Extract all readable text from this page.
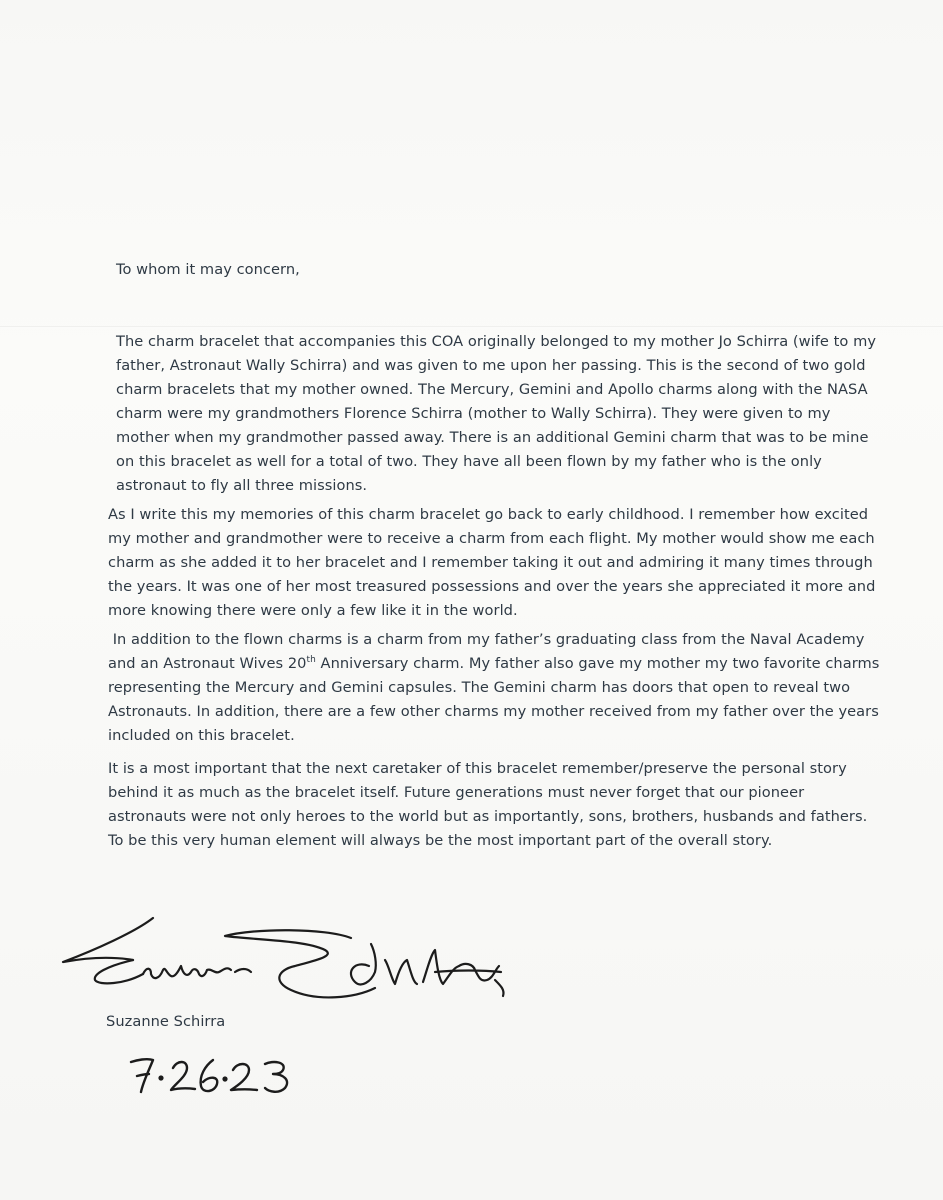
To whom it may concern,
The charm bracelet that accompanies this COA originally belonged to my mother Jo Schirra (wife to my
father, Astronaut Wally Schirra) and was given to me upon her passing. This is the second of two gold
charm bracelets that my mother owned. The Mercury, Gemini and Apollo charms along with the NASA
charm were my grandmothers Florence Schirra (mother to Wally Schirra). They were given to my
mother when my grandmother passed away. There is an additional Gemini charm that was to be mine
on this bracelet as well for a total of two. They have all been flown by my father who is the only
astronaut to fly all three missions.
As I write this my memories of this charm bracelet go back to early childhood. I remember how excited
my mother and grandmother were to receive a charm from each flight. My mother would show me each
charm as she added it to her bracelet and I remember taking it out and admiring it many times through
the years. It was one of her most treasured possessions and over the years she appreciated it more and
more knowing there were only a few like it in the world.
In addition to the flown charms is a charm from my father’s graduating class from the Naval Academy
and an Astronaut Wives 20th Anniversary charm. My father also gave my mother my two favorite charms
representing the Mercury and Gemini capsules. The Gemini charm has doors that open to reveal two
Astronauts. In addition, there are a few other charms my mother received from my father over the years
included on this bracelet.
It is a most important that the next caretaker of this bracelet remember/preserve the personal story
behind it as much as the bracelet itself. Future generations must never forget that our pioneer
astronauts were not only heroes to the world but as importantly, sons, brothers, husbands and fathers.
To be this very human element will always be the most important part of the overall story.
Suzanne Schirra
